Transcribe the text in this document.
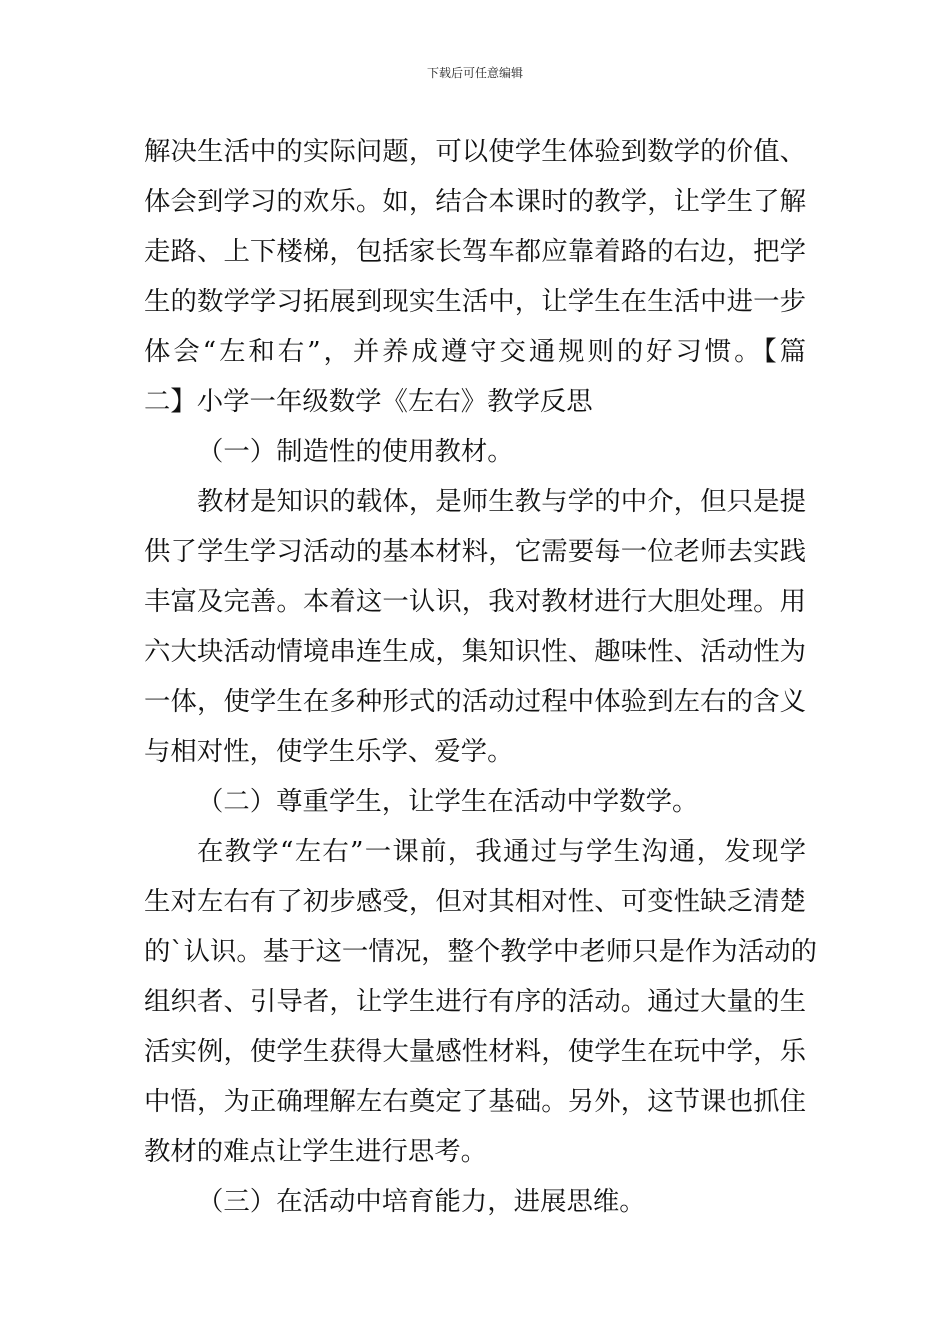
下载后可任意编辑
解决生活中的实际问题，可以使学生体验到数学的价值、
体会到学习的欢乐。如，结合本课时的教学，让学生了解
走路、上下楼梯，包括家长驾车都应靠着路的右边，把学
生的数学学习拓展到现实生活中，让学生在生活中进一步
体会“左和右”，并养成遵守交通规则的好习惯。【篇
二】小学一年级数学《左右》教学反思
（一）制造性的使用教材。
教材是知识的载体，是师生教与学的中介，但只是提
供了学生学习活动的基本材料，它需要每一位老师去实践
丰富及完善。本着这一认识，我对教材进行大胆处理。用
六大块活动情境串连生成，集知识性、趣味性、活动性为
一体，使学生在多种形式的活动过程中体验到左右的含义
与相对性，使学生乐学、爱学。
（二）尊重学生，让学生在活动中学数学。
在教学“左右”一课前，我通过与学生沟通，发现学
生对左右有了初步感受，但对其相对性、可变性缺乏清楚
的`认识。基于这一情况，整个教学中老师只是作为活动的
组织者、引导者，让学生进行有序的活动。通过大量的生
活实例，使学生获得大量感性材料，使学生在玩中学，乐
中悟，为正确理解左右奠定了基础。另外，这节课也抓住
教材的难点让学生进行思考。
（三）在活动中培育能力，进展思维。
